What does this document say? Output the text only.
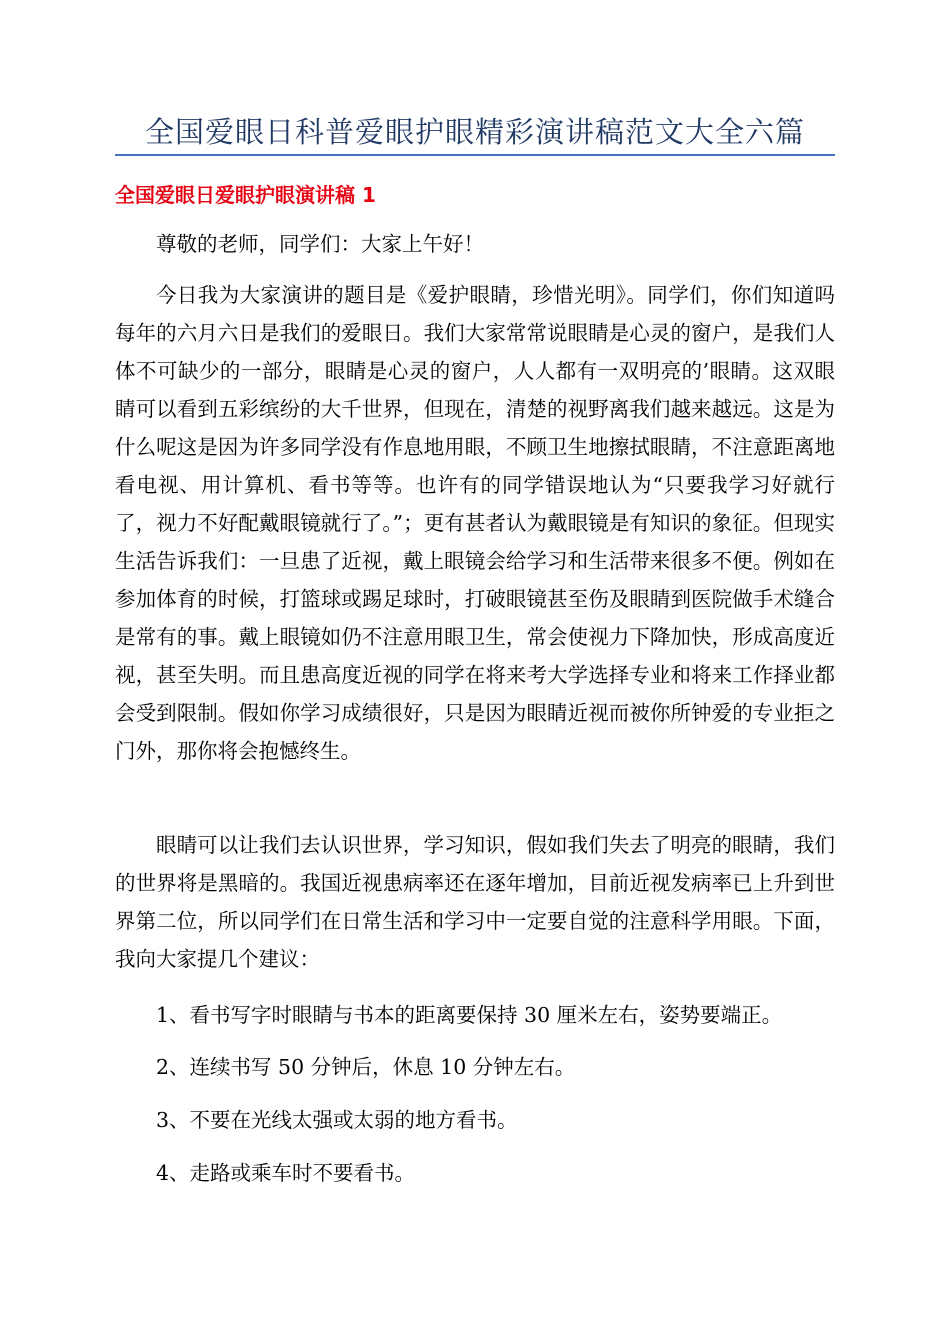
全国爱眼日科普爱眼护眼精彩演讲稿范文大全六篇
全国爱眼日爱眼护眼演讲稿 1

尊敬的老师，同学们：大家上午好！

今日我为大家演讲的题目是《爱护眼睛，珍惜光明》。同学们，你们知道吗每年的六月六日是我们的爱眼日。我们大家常常说眼睛是心灵的窗户，是我们人体不可缺少的一部分，眼睛是心灵的窗户，人人都有一双明亮的’眼睛。这双眼睛可以看到五彩缤纷的大千世界，但现在，清楚的视野离我们越来越远。这是为什么呢这是因为许多同学没有作息地用眼，不顾卫生地擦拭眼睛，不注意距离地看电视、用计算机、看书等等。也许有的同学错误地认为“只要我学习好就行了，视力不好配戴眼镜就行了。”；更有甚者认为戴眼镜是有知识的象征。但现实生活告诉我们：一旦患了近视，戴上眼镜会给学习和生活带来很多不便。例如在参加体育的时候，打篮球或踢足球时，打破眼镜甚至伤及眼睛到医院做手术缝合是常有的事。戴上眼镜如仍不注意用眼卫生，常会使视力下降加快，形成高度近视，甚至失明。而且患高度近视的同学在将来考大学选择专业和将来工作择业都会受到限制。假如你学习成绩很好，只是因为眼睛近视而被你所钟爱的专业拒之门外，那你将会抱憾终生。

眼睛可以让我们去认识世界，学习知识，假如我们失去了明亮的眼睛，我们的世界将是黑暗的。我国近视患病率还在逐年增加，目前近视发病率已上升到世界第二位，所以同学们在日常生活和学习中一定要自觉的注意科学用眼。下面，我向大家提几个建议：

1、看书写字时眼睛与书本的距离要保持 30 厘米左右，姿势要端正。

2、连续书写 50 分钟后，休息 10 分钟左右。

3、不要在光线太强或太弱的地方看书。

4、走路或乘车时不要看书。
